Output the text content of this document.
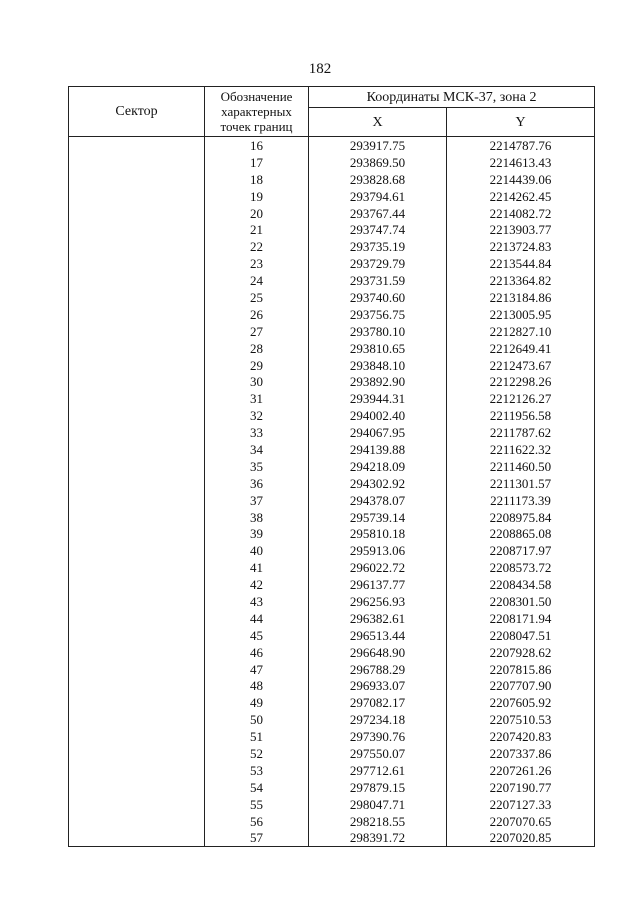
182
Сектор	Обозначение характерных точек границ	Координаты МСК-37, зона 2	
		X	Y
	16	293917.75	2214787.76
	17	293869.50	2214613.43
	18	293828.68	2214439.06
	19	293794.61	2214262.45
	20	293767.44	2214082.72
	21	293747.74	2213903.77
	22	293735.19	2213724.83
	23	293729.79	2213544.84
	24	293731.59	2213364.82
	25	293740.60	2213184.86
	26	293756.75	2213005.95
	27	293780.10	2212827.10
	28	293810.65	2212649.41
	29	293848.10	2212473.67
	30	293892.90	2212298.26
	31	293944.31	2212126.27
	32	294002.40	2211956.58
	33	294067.95	2211787.62
	34	294139.88	2211622.32
	35	294218.09	2211460.50
	36	294302.92	2211301.57
	37	294378.07	2211173.39
	38	295739.14	2208975.84
	39	295810.18	2208865.08
	40	295913.06	2208717.97
	41	296022.72	2208573.72
	42	296137.77	2208434.58
	43	296256.93	2208301.50
	44	296382.61	2208171.94
	45	296513.44	2208047.51
	46	296648.90	2207928.62
	47	296788.29	2207815.86
	48	296933.07	2207707.90
	49	297082.17	2207605.92
	50	297234.18	2207510.53
	51	297390.76	2207420.83
	52	297550.07	2207337.86
	53	297712.61	2207261.26
	54	297879.15	2207190.77
	55	298047.71	2207127.33
	56	298218.55	2207070.65
	57	298391.72	2207020.85
